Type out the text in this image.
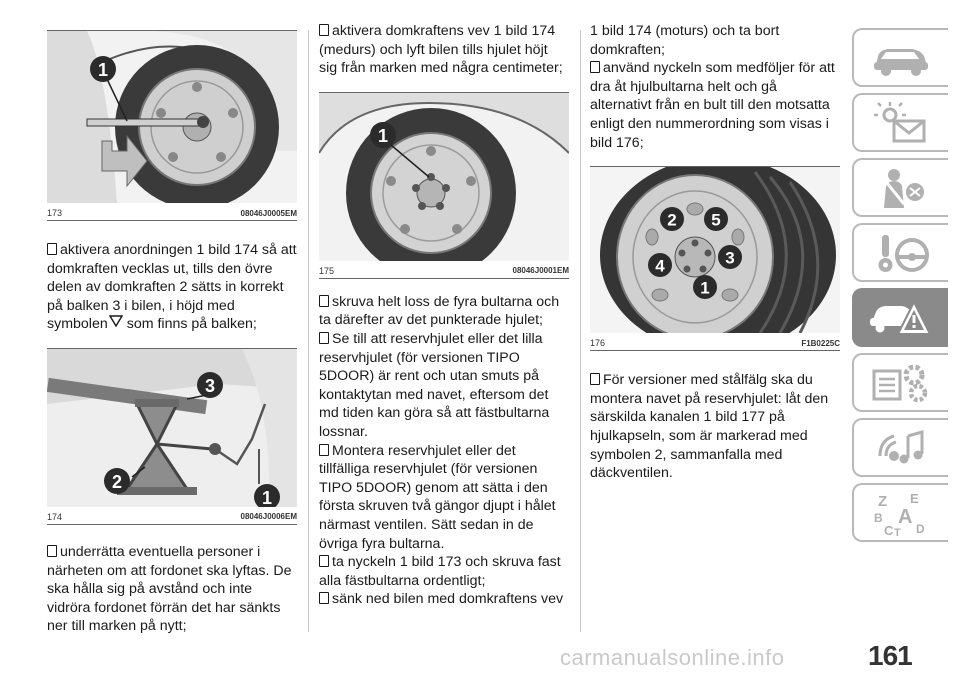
1
173	08046J0005EM

aktivera anordningen 1 bild 174 så att domkraften vecklas ut, tills den övre delen av domkraften 2 sätts in korrekt på balken 3 i bilen, i höjd med symbolen som finns på balken;

3
2
1
174	08046J0006EM

underrätta eventuella personer i närheten om att fordonet ska lyftas. De ska hålla sig på avstånd och inte vidröra fordonet förrän det har sänkts ner till marken på nytt;

aktivera domkraftens vev 1 bild 174 (medurs) och lyft bilen tills hjulet höjt sig från marken med några centimeter;

1
175	08046J0001EM

skruva helt loss de fyra bultarna och ta därefter av det punkterade hjulet;

Se till att reservhjulet eller det lilla reservhjulet (för versionen TIPO 5DOOR) är rent och utan smuts på kontaktytan med navet, eftersom det md tiden kan göra så att fästbultarna lossnar.

Montera reservhjulet eller det tillfälliga reservhjulet (för versionen TIPO 5DOOR) genom att sätta i den första skruven två gängor djupt i hålet närmast ventilen. Sätt sedan in de övriga fyra bultarna.

ta nyckeln 1 bild 173 och skruva fast alla fästbultarna ordentligt;

sänk ned bilen med domkraftens vev

1 bild 174 (moturs) och ta bort domkraften;

använd nyckeln som medföljer för att dra åt hjulbultarna helt och gå alternativt från en bult till den motsatta enligt den nummerordning som visas i bild 176;

2 5
3
4
1
176	F1B0225C

För versioner med stålfälg ska du montera navet på reservhjulet: låt den särskilda kanalen 1 bild 177 på hjulkapseln, som är markerad med symbolen 2, sammanfalla med däckventilen.

Z E
B A
C D
T
carmanualsonline.info	161
